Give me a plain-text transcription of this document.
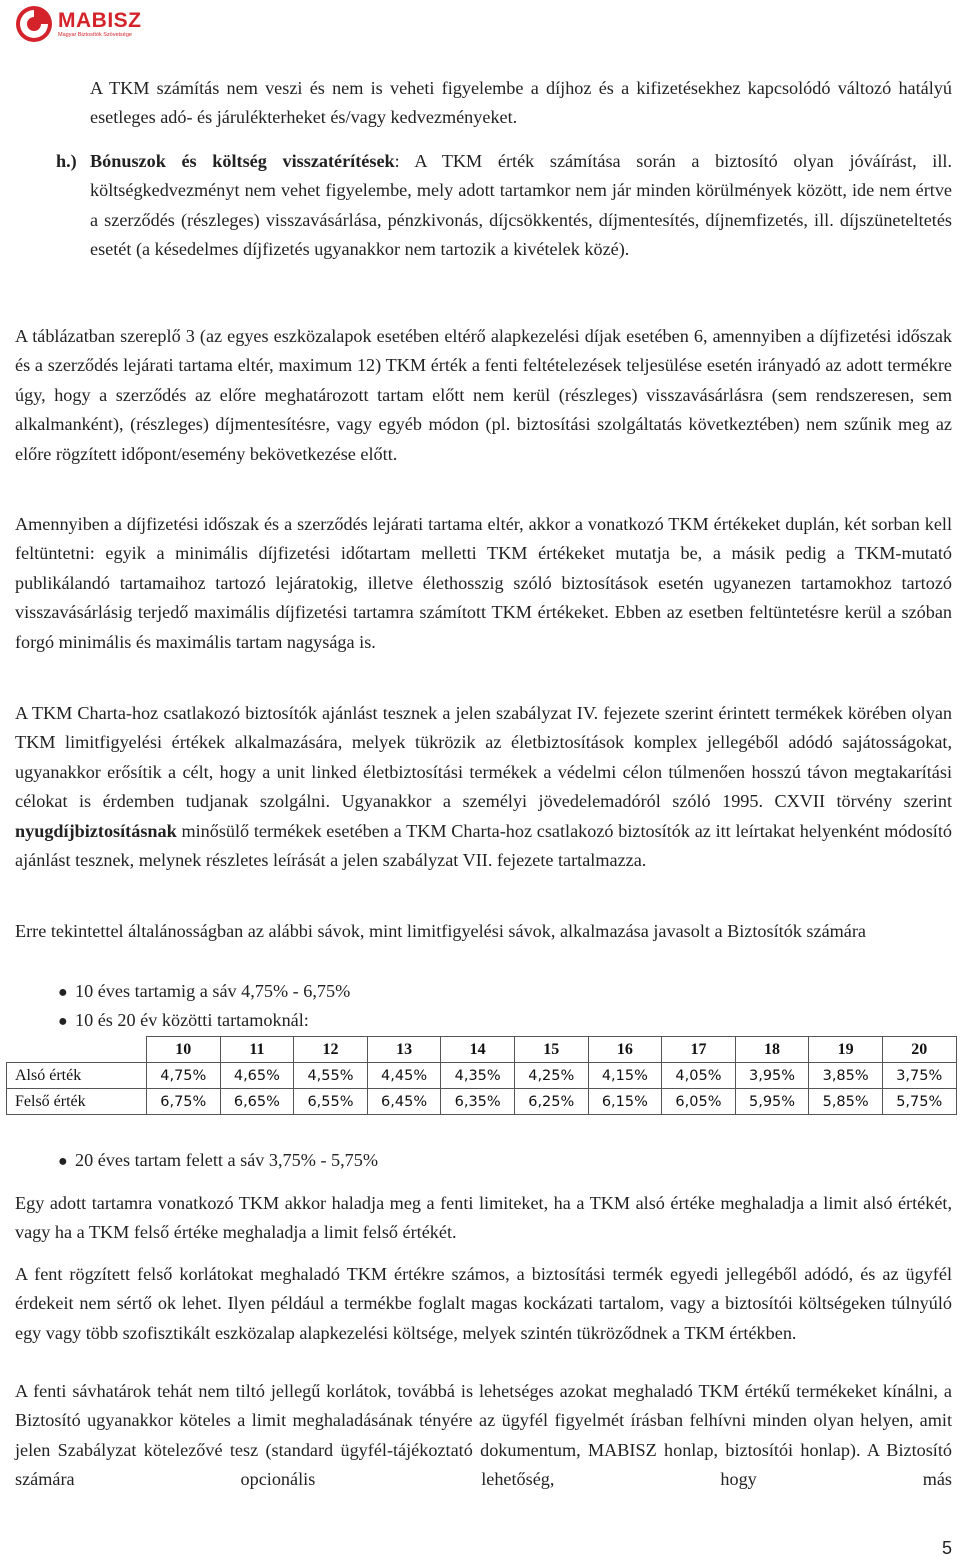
MABISZ
Magyar Biztosítók Szövetsége

A TKM számítás nem veszi és nem is veheti figyelembe a díjhoz és a kifizetésekhez kapcsolódó változó hatályú esetleges adó- és járulékterheket és/vagy kedvezményeket.

h.) Bónuszok és költség visszatérítések: A TKM érték számítása során a biztosító olyan jóváírást, ill. költségkedvezményt nem vehet figyelembe, mely adott tartamkor nem jár minden körülmények között, ide nem értve a szerződés (részleges) visszavásárlása, pénzkivonás, díjcsökkentés, díjmentesítés, díjnemfizetés, ill. díjszüneteltetés esetét (a késedelmes díjfizetés ugyanakkor nem tartozik a kivételek közé).

A táblázatban szereplő 3 (az egyes eszközalapok esetében eltérő alapkezelési díjak esetében 6, amennyiben a díjfizetési időszak és a szerződés lejárati tartama eltér, maximum 12) TKM érték a fenti feltételezések teljesülése esetén irányadó az adott termékre úgy, hogy a szerződés az előre meghatározott tartam előtt nem kerül (részleges) visszavásárlásra (sem rendszeresen, sem alkalmanként), (részleges) díjmentesítésre, vagy egyéb módon (pl. biztosítási szolgáltatás következtében) nem szűnik meg az előre rögzített időpont/esemény bekövetkezése előtt.

Amennyiben a díjfizetési időszak és a szerződés lejárati tartama eltér, akkor a vonatkozó TKM értékeket duplán, két sorban kell feltüntetni: egyik a minimális díjfizetési időtartam melletti TKM értékeket mutatja be, a másik pedig a TKM-mutató publikálandó tartamaihoz tartozó lejáratokig, illetve élethosszig szóló biztosítások esetén ugyanezen tartamokhoz tartozó visszavásárlásig terjedő maximális díjfizetési tartamra számított TKM értékeket. Ebben az esetben feltüntetésre kerül a szóban forgó minimális és maximális tartam nagysága is.

A TKM Charta-hoz csatlakozó biztosítók ajánlást tesznek a jelen szabályzat IV. fejezete szerint érintett termékek körében olyan TKM limitfigyelési értékek alkalmazására, melyek tükrözik az életbiztosítások komplex jellegéből adódó sajátosságokat, ugyanakkor erősítik a célt, hogy a unit linked életbiztosítási termékek a védelmi célon túlmenően hosszú távon megtakarítási célokat is érdemben tudjanak szolgálni. Ugyanakkor a személyi jövedelemadóról szóló 1995. CXVII törvény szerint nyugdíjbiztosításnak minősülő termékek esetében a TKM Charta-hoz csatlakozó biztosítók az itt leírtakat helyenként módosító ajánlást tesznek, melynek részletes leírását a jelen szabályzat VII. fejezete tartalmazza.

Erre tekintettel általánosságban az alábbi sávok, mint limitfigyelési sávok, alkalmazása javasolt a Biztosítók számára

● 10 éves tartamig a sáv 4,75% - 6,75%
● 10 és 20 év közötti tartamoknál:
	10	11	12	13	14	15	16	17	18	19	20
Alsó érték	4,75%	4,65%	4,55%	4,45%	4,35%	4,25%	4,15%	4,05%	3,95%	3,85%	3,75%
Felső érték	6,75%	6,65%	6,55%	6,45%	6,35%	6,25%	6,15%	6,05%	5,95%	5,85%	5,75%
● 20 éves tartam felett a sáv 3,75% - 5,75%

Egy adott tartamra vonatkozó TKM akkor haladja meg a fenti limiteket, ha a TKM alsó értéke meghaladja a limit alsó értékét, vagy ha a TKM felső értéke meghaladja a limit felső értékét.

A fent rögzített felső korlátokat meghaladó TKM értékre számos, a biztosítási termék egyedi jellegéből adódó, és az ügyfél érdekeit nem sértő ok lehet. Ilyen például a termékbe foglalt magas kockázati tartalom, vagy a biztosítói költségeken túlnyúló egy vagy több szofisztikált eszközalap alapkezelési költsége, melyek szintén tükröződnek a TKM értékben.

A fenti sávhatárok tehát nem tiltó jellegű korlátok, továbbá is lehetséges azokat meghaladó TKM értékű termékeket kínálni, a Biztosító ugyanakkor köteles a limit meghaladásának tényére az ügyfél figyelmét írásban felhívni minden olyan helyen, amit jelen Szabályzat kötelezővé tesz (standard ügyfél-tájékoztató dokumentum, MABISZ honlap, biztosítói honlap). A Biztosító számára opcionális lehetőség, hogy más

5
